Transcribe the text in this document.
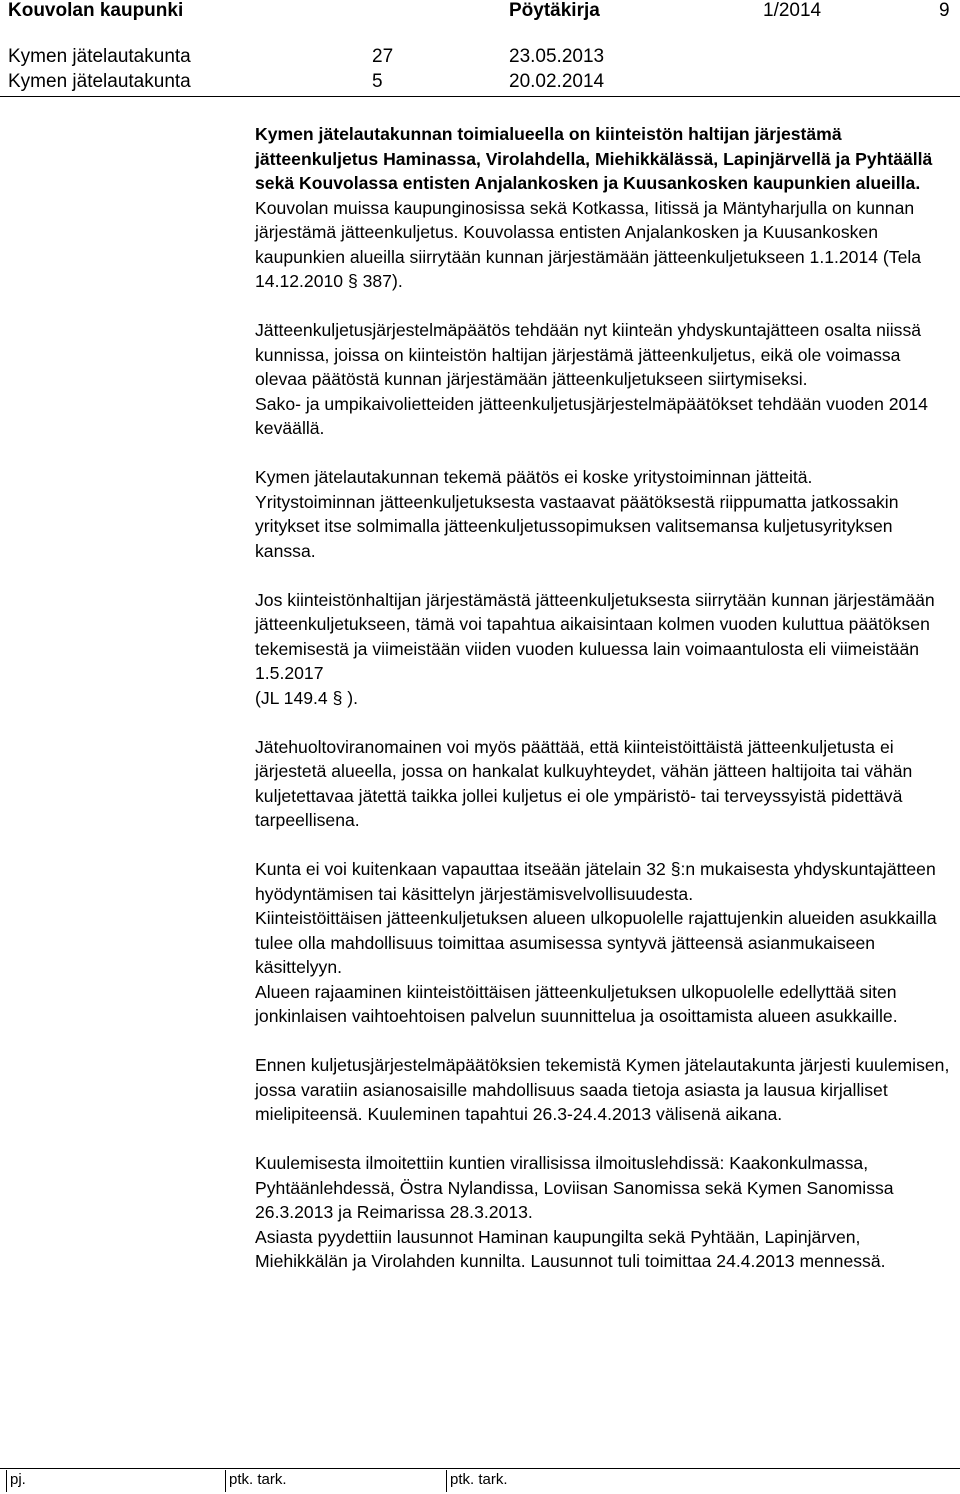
Kouvolan kaupunki	Pöytäkirja	1/2014	9
Kymen jätelautakunta	27	23.05.2013
Kymen jätelautakunta	5	20.02.2014

Kymen jätelautakunnan toimialueella on kiinteistön haltijan järjestämä jätteenkuljetus Haminassa, Virolahdella, Miehikkälässä, Lapinjärvellä ja Pyhtäällä sekä Kouvolassa entisten Anjalankosken ja Kuusankosken kaupunkien alueilla. Kouvolan muissa kaupunginosissa sekä Kotkassa, Iitissä ja Mäntyharjulla on kunnan järjestämä jätteenkuljetus. Kouvolassa entisten Anjalankosken ja Kuusankosken kaupunkien alueilla siirrytään kunnan järjestämään jätteenkuljetukseen 1.1.2014 (Tela 14.12.2010 § 387).

Jätteenkuljetusjärjestelmäpäätös tehdään nyt kiinteän yhdyskuntajätteen osalta niissä kunnissa, joissa on kiinteistön haltijan järjestämä jätteenkuljetus, eikä ole voimassa olevaa päätöstä kunnan järjestämään jätteenkuljetukseen siirtymiseksi.

Sako- ja umpikaivolietteiden jätteenkuljetusjärjestelmäpäätökset tehdään vuoden 2014 keväällä.

Kymen jätelautakunnan tekemä päätös ei koske yritystoiminnan jätteitä.

Yritystoiminnan jätteenkuljetuksesta vastaavat päätöksestä riippumatta jatkossakin yritykset itse solmimalla jätteenkuljetussopimuksen valitsemansa kuljetusyrityksen kanssa.

Jos kiinteistönhaltijan järjestämästä jätteenkuljetuksesta siirrytään kunnan järjestämään jätteenkuljetukseen, tämä voi tapahtua aikaisintaan kolmen vuoden kuluttua päätöksen tekemisestä ja viimeistään viiden vuoden kuluessa lain voimaantulosta eli viimeistään 1.5.2017

(JL 149.4 § ).

Jätehuoltoviranomainen voi myös päättää, että kiinteistöittäistä jätteenkuljetusta ei järjestetä alueella, jossa on hankalat kulkuyhteydet, vähän jätteen haltijoita tai vähän kuljetettavaa jätettä taikka jollei kuljetus ei ole ympäristö- tai terveyssyistä pidettävä tarpeellisena.

Kunta ei voi kuitenkaan vapauttaa itseään jätelain 32 §:n mukaisesta yhdyskuntajätteen hyödyntämisen tai käsittelyn järjestämisvelvollisuudesta.

Kiinteistöittäisen jätteenkuljetuksen alueen ulkopuolelle rajattujenkin alueiden asukkailla tulee olla mahdollisuus toimittaa asumisessa syntyvä jätteensä asianmukaiseen käsittelyyn.

Alueen rajaaminen kiinteistöittäisen jätteenkuljetuksen ulkopuolelle edellyttää siten jonkinlaisen vaihtoehtoisen palvelun suunnittelua ja osoittamista alueen asukkaille.

Ennen kuljetusjärjestelmäpäätöksien tekemistä Kymen jätelautakunta järjesti kuulemisen, jossa varatiin asianosaisille mahdollisuus saada tietoja asiasta ja lausua kirjalliset mielipiteensä. Kuuleminen tapahtui 26.3-24.4.2013 välisenä aikana.

Kuulemisesta ilmoitettiin kuntien virallisissa ilmoituslehdissä: Kaakonkulmassa, Pyhtäänlehdessä, Östra Nylandissa, Loviisan Sanomissa sekä Kymen Sanomissa 26.3.2013 ja Reimarissa 28.3.2013.

Asiasta pyydettiin lausunnot Haminan kaupungilta sekä Pyhtään, Lapinjärven, Miehikkälän ja Virolahden kunnilta. Lausunnot tuli toimittaa 24.4.2013 mennessä.

pj.	ptk. tark.	ptk. tark.
